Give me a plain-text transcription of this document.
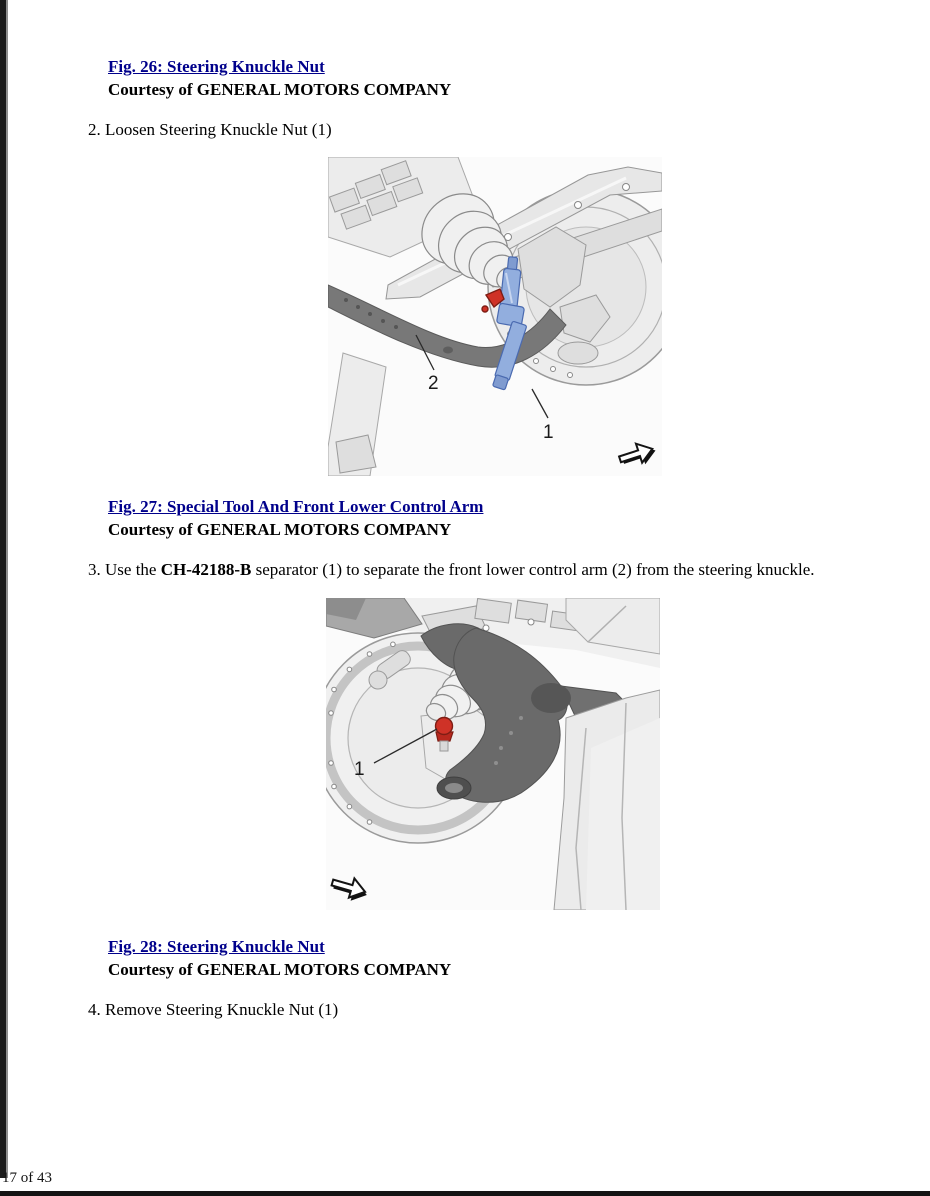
Fig. 26: Steering Knuckle Nut
Courtesy of GENERAL MOTORS COMPANY
2. Loosen Steering Knuckle Nut (1)
2
1
Fig. 27: Special Tool And Front Lower Control Arm
Courtesy of GENERAL MOTORS COMPANY
3. Use the CH-42188-B separator (1) to separate the front lower control arm (2) from the steering knuckle.
1
Fig. 28: Steering Knuckle Nut
Courtesy of GENERAL MOTORS COMPANY
4. Remove Steering Knuckle Nut (1)
17 of 43
